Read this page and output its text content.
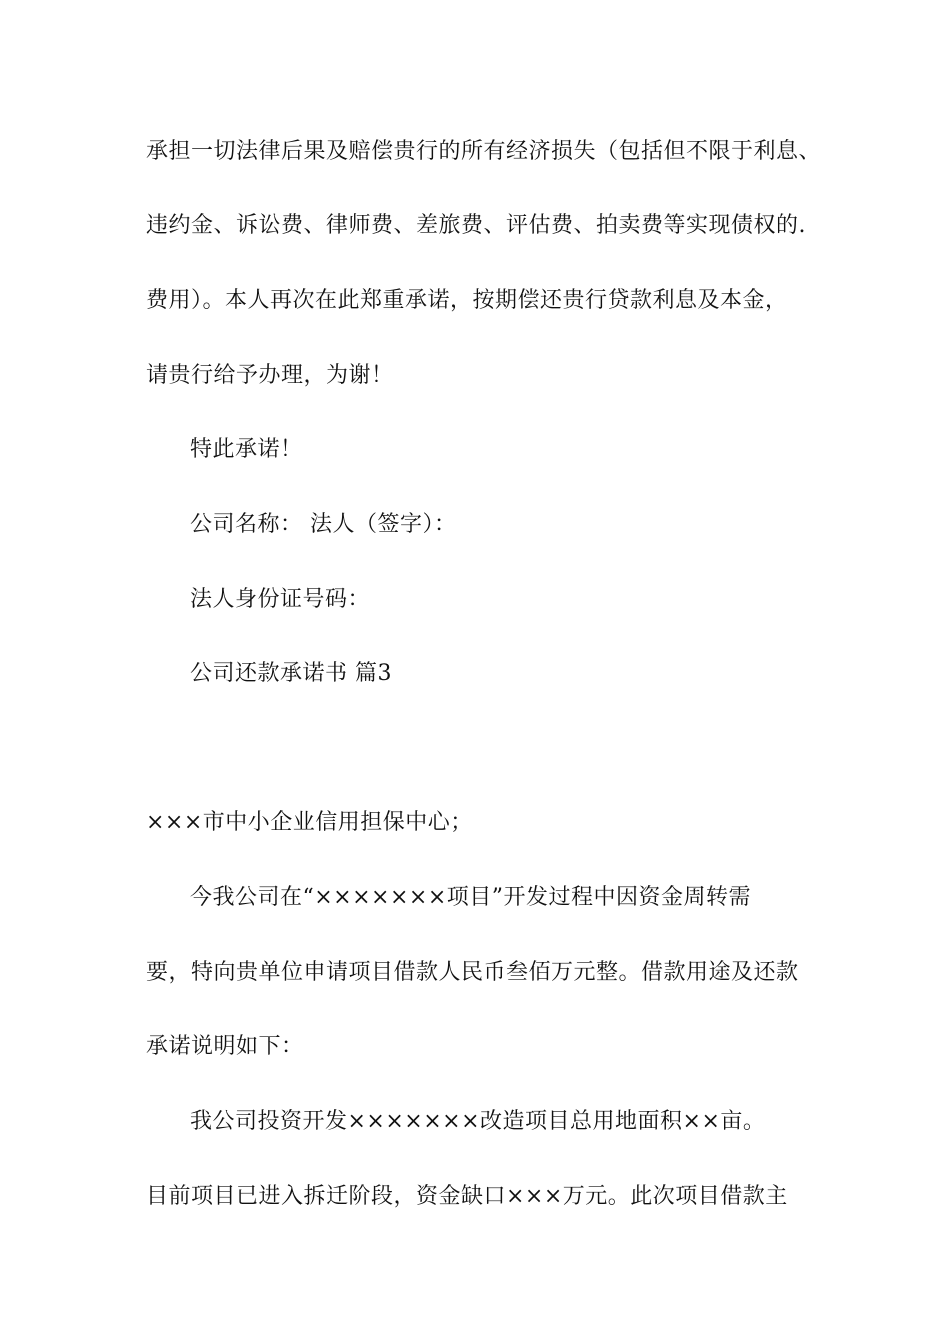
承担一切法律后果及赔偿贵行的所有经济损失（包括但不限于利息、
违约金、诉讼费、律师费、差旅费、评估费、拍卖费等实现债权的.
费用）。本人再次在此郑重承诺，按期偿还贵行贷款利息及本金，
请贵行给予办理，为谢！
特此承诺！
公司名称： 法人（签字）：
法人身份证号码：
公司还款承诺书 篇3
×××市中小企业信用担保中心；
今我公司在“×××××××项目”开发过程中因资金周转需
要，特向贵单位申请项目借款人民币叁佰万元整。借款用途及还款
承诺说明如下：
我公司投资开发×××××××改造项目总用地面积××亩。
目前项目已进入拆迁阶段，资金缺口×××万元。此次项目借款主
